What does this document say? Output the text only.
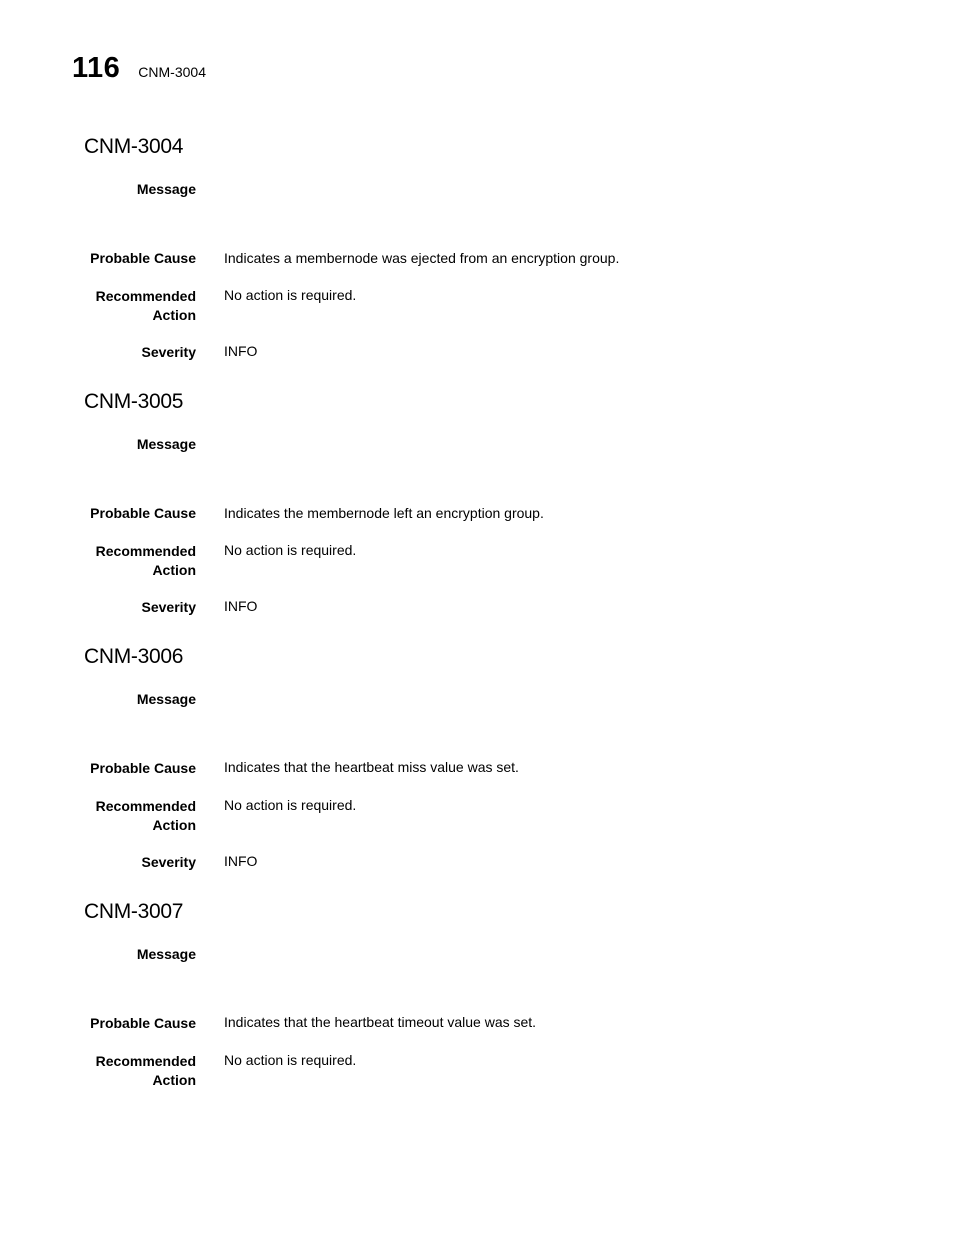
116 CNM-3004
CNM-3004
Message
Probable Cause Indicates a membernode was ejected from an encryption group.
Recommended
Action
No action is required.
Severity INFO
CNM-3005
Message
Probable Cause Indicates the membernode left an encryption group.
Recommended
Action
No action is required.
Severity INFO
CNM-3006
Message
Probable Cause Indicates that the heartbeat miss value was set.
Recommended
Action
No action is required.
Severity INFO
CNM-3007
Message
Probable Cause Indicates that the heartbeat timeout value was set.
Recommended
Action
No action is required.
